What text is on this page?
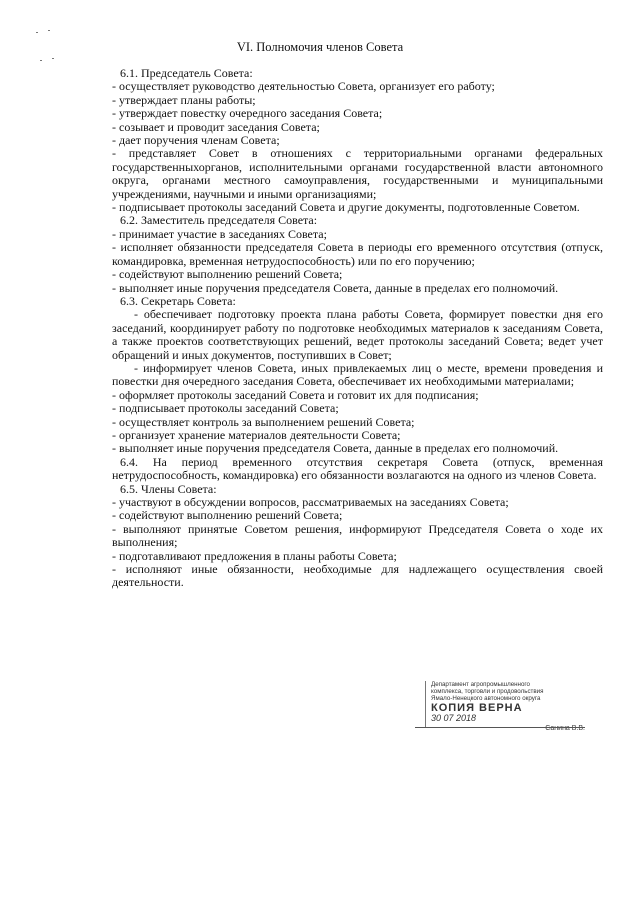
VI. Полномочия членов Совета

6.1. Председатель Совета:

- осуществляет руководство деятельностью Совета, организует его работу;

- утверждает планы работы;

- утверждает повестку очередного заседания Совета;

- созывает и проводит заседания Совета;

- дает поручения членам Совета;

- представляет Совет в отношениях с территориальными органами федеральных государственныхорганов, исполнительными органами государственной власти автономного округа, органами местного самоуправления, государственными и муниципальными учреждениями, научными и иными организациями;

- подписывает протоколы заседаний Совета и другие документы, подготовленные Советом.

6.2. Заместитель председателя Совета:

- принимает участие в заседаниях Совета;

- исполняет обязанности председателя Совета в периоды его временного отсутствия (отпуск, командировка, временная нетрудоспособность) или по его поручению;

- содействуют выполнению решений Совета;

- выполняет иные поручения председателя Совета, данные в пределах его полномочий.

6.3. Секретарь Совета:

- обеспечивает подготовку проекта плана работы Совета, формирует повестки дня его заседаний, координирует работу по подготовке необходимых материалов к заседаниям Совета, а также проектов соответствующих решений, ведет протоколы заседаний Совета; ведет учет обращений и иных документов, поступивших в Совет;

- информирует членов Совета, иных привлекаемых лиц о месте, времени проведения и повестки дня очередного заседания Совета, обеспечивает их необходимыми материалами;

- оформляет протоколы заседаний Совета и готовит их для подписания;

- подписывает протоколы заседаний Совета;

- осуществляет контроль за выполнением решений Совета;

- организует хранение материалов деятельности Совета;

- выполняет иные поручения председателя Совета, данные в пределах его полномочий.

6.4. На период временного отсутствия секретаря Совета (отпуск, временная нетрудоспособность, командировка) его обязанности возлагаются на одного из членов Совета.

6.5. Члены Совета:

- участвуют в обсуждении вопросов, рассматриваемых на заседаниях Совета;

- содействуют выполнению решений Совета;

- выполняют принятые Советом решения, информируют Председателя Совета о ходе их выполнения;

- подготавливают предложения в планы работы Совета;

- исполняют иные обязанности, необходимые для надлежащего осуществления своей деятельности.

Департамент агропромышленного
комплекса, торговли и продовольствия
Ямало-Ненецкого автономного округа
КОПИЯ ВЕРНА
30 07 2018
Санина В.В.
